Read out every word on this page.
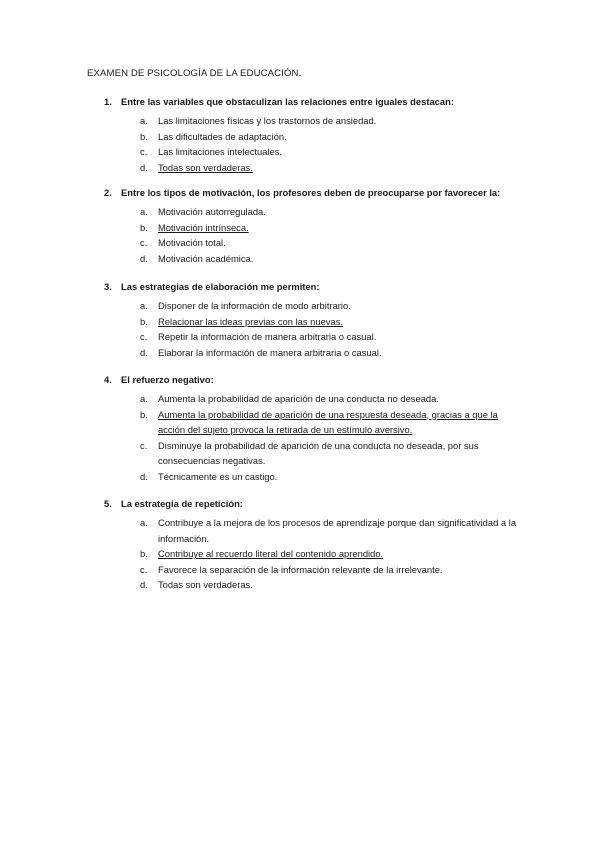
EXAMEN DE PSICOLOGÍA DE LA EDUCACIÓN.
1. Entre las variables que obstaculizan las relaciones entre iguales destacan:
a. Las limitaciones físicas y los trastornos de ansiedad.
b. Las dificultades de adaptación.
c. Las limitaciones intelectuales.
d. Todas son verdaderas.
2. Entre los tipos de motivación, los profesores deben de preocuparse por favorecer la:
a. Motivación autorregulada.
b. Motivación intrínseca.
c. Motivación total.
d. Motivación académica.
3. Las estrategias de elaboración me permiten:
a. Disponer de la información de modo arbitrario.
b. Relacionar las ideas previas con las nuevas.
c. Repetir la información de manera arbitraria o casual.
d. Elaborar la información de manera arbitraria o casual.
4. El refuerzo negativo:
a. Aumenta la probabilidad de aparición de una conducta no deseada.
b. Aumenta la probabilidad de aparición de una respuesta deseada, gracias a que la acción del sujeto provoca la retirada de un estímulo aversivo.
c. Disminuye la probabilidad de aparición de una conducta no deseada, por sus consecuencias negativas.
d. Técnicamente es un castigo.
5. La estrategia de repetición:
a. Contribuye a la mejora de los procesos de aprendizaje porque dan significatividad a la información.
b. Contribuye al recuerdo literal del contenido aprendido.
c. Favorece la separación de la información relevante de la irrelevante.
d. Todas son verdaderas.
